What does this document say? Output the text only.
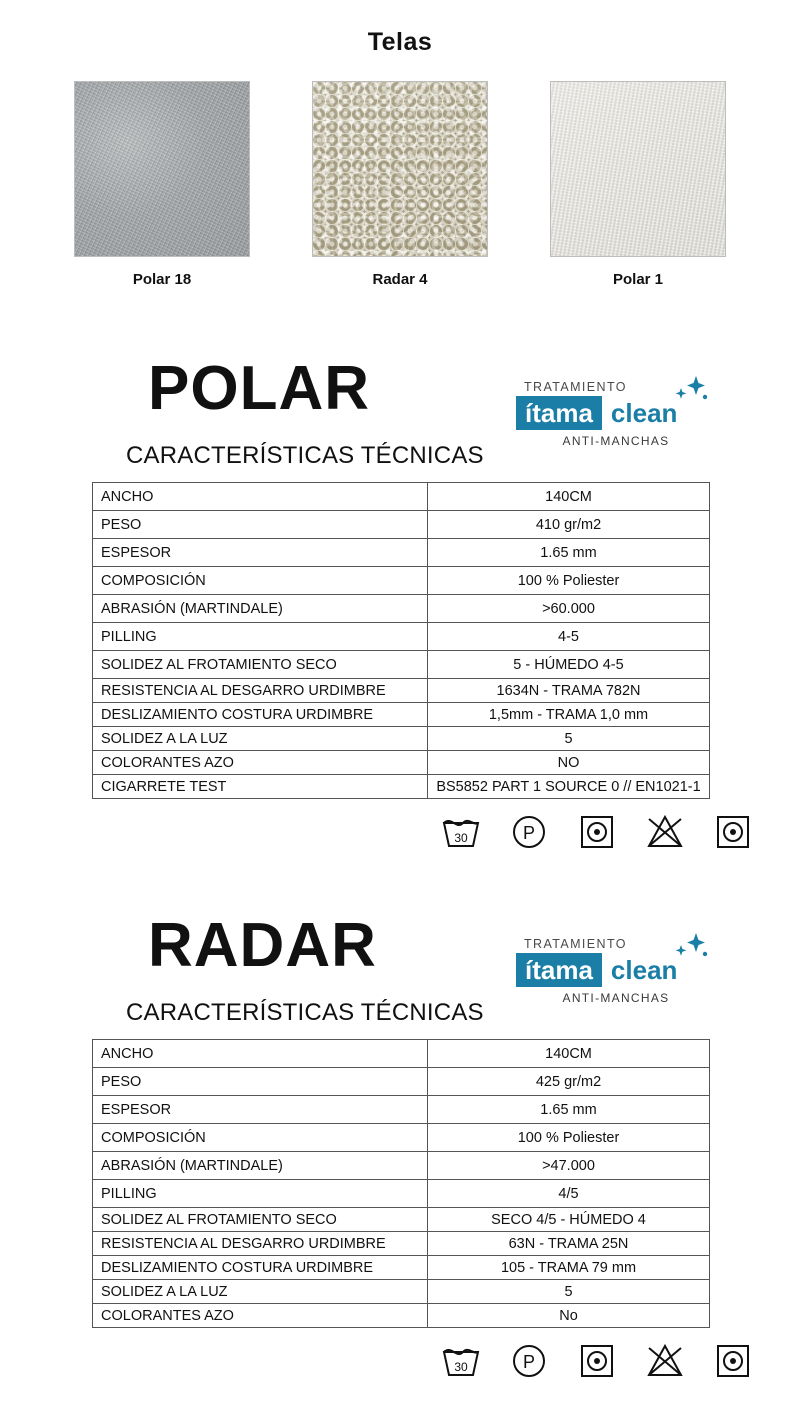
Telas
Polar 18	Radar 4	Polar 1
POLAR	TRATAMIENTO
ítama clean
ANTI-MANCHAS
CARACTERÍSTICAS TÉCNICAS
ANCHO	140CM
PESO	410 gr/m2
ESPESOR	1.65 mm
COMPOSICIÓN	100 % Poliester
ABRASIÓN (MARTINDALE)	>60.000
PILLING	4-5
SOLIDEZ AL FROTAMIENTO SECO	5 - HÚMEDO 4-5
RESISTENCIA AL DESGARRO URDIMBRE	1634N - TRAMA 782N
DESLIZAMIENTO COSTURA URDIMBRE	1,5mm - TRAMA 1,0 mm
SOLIDEZ A LA LUZ	5
COLORANTES AZO	NO
CIGARRETE TEST	BS5852 PART 1 SOURCE 0 // EN1021-1
30	P
RADAR	TRATAMIENTO
ítama clean
ANTI-MANCHAS
CARACTERÍSTICAS TÉCNICAS
ANCHO	140CM
PESO	425 gr/m2
ESPESOR	1.65 mm
COMPOSICIÓN	100 % Poliester
ABRASIÓN (MARTINDALE)	>47.000
PILLING	4/5
SOLIDEZ AL FROTAMIENTO SECO	SECO 4/5 - HÚMEDO 4
RESISTENCIA AL DESGARRO URDIMBRE	63N - TRAMA 25N
DESLIZAMIENTO COSTURA URDIMBRE	105 - TRAMA 79 mm
SOLIDEZ A LA LUZ	5
COLORANTES AZO	No
30	P
